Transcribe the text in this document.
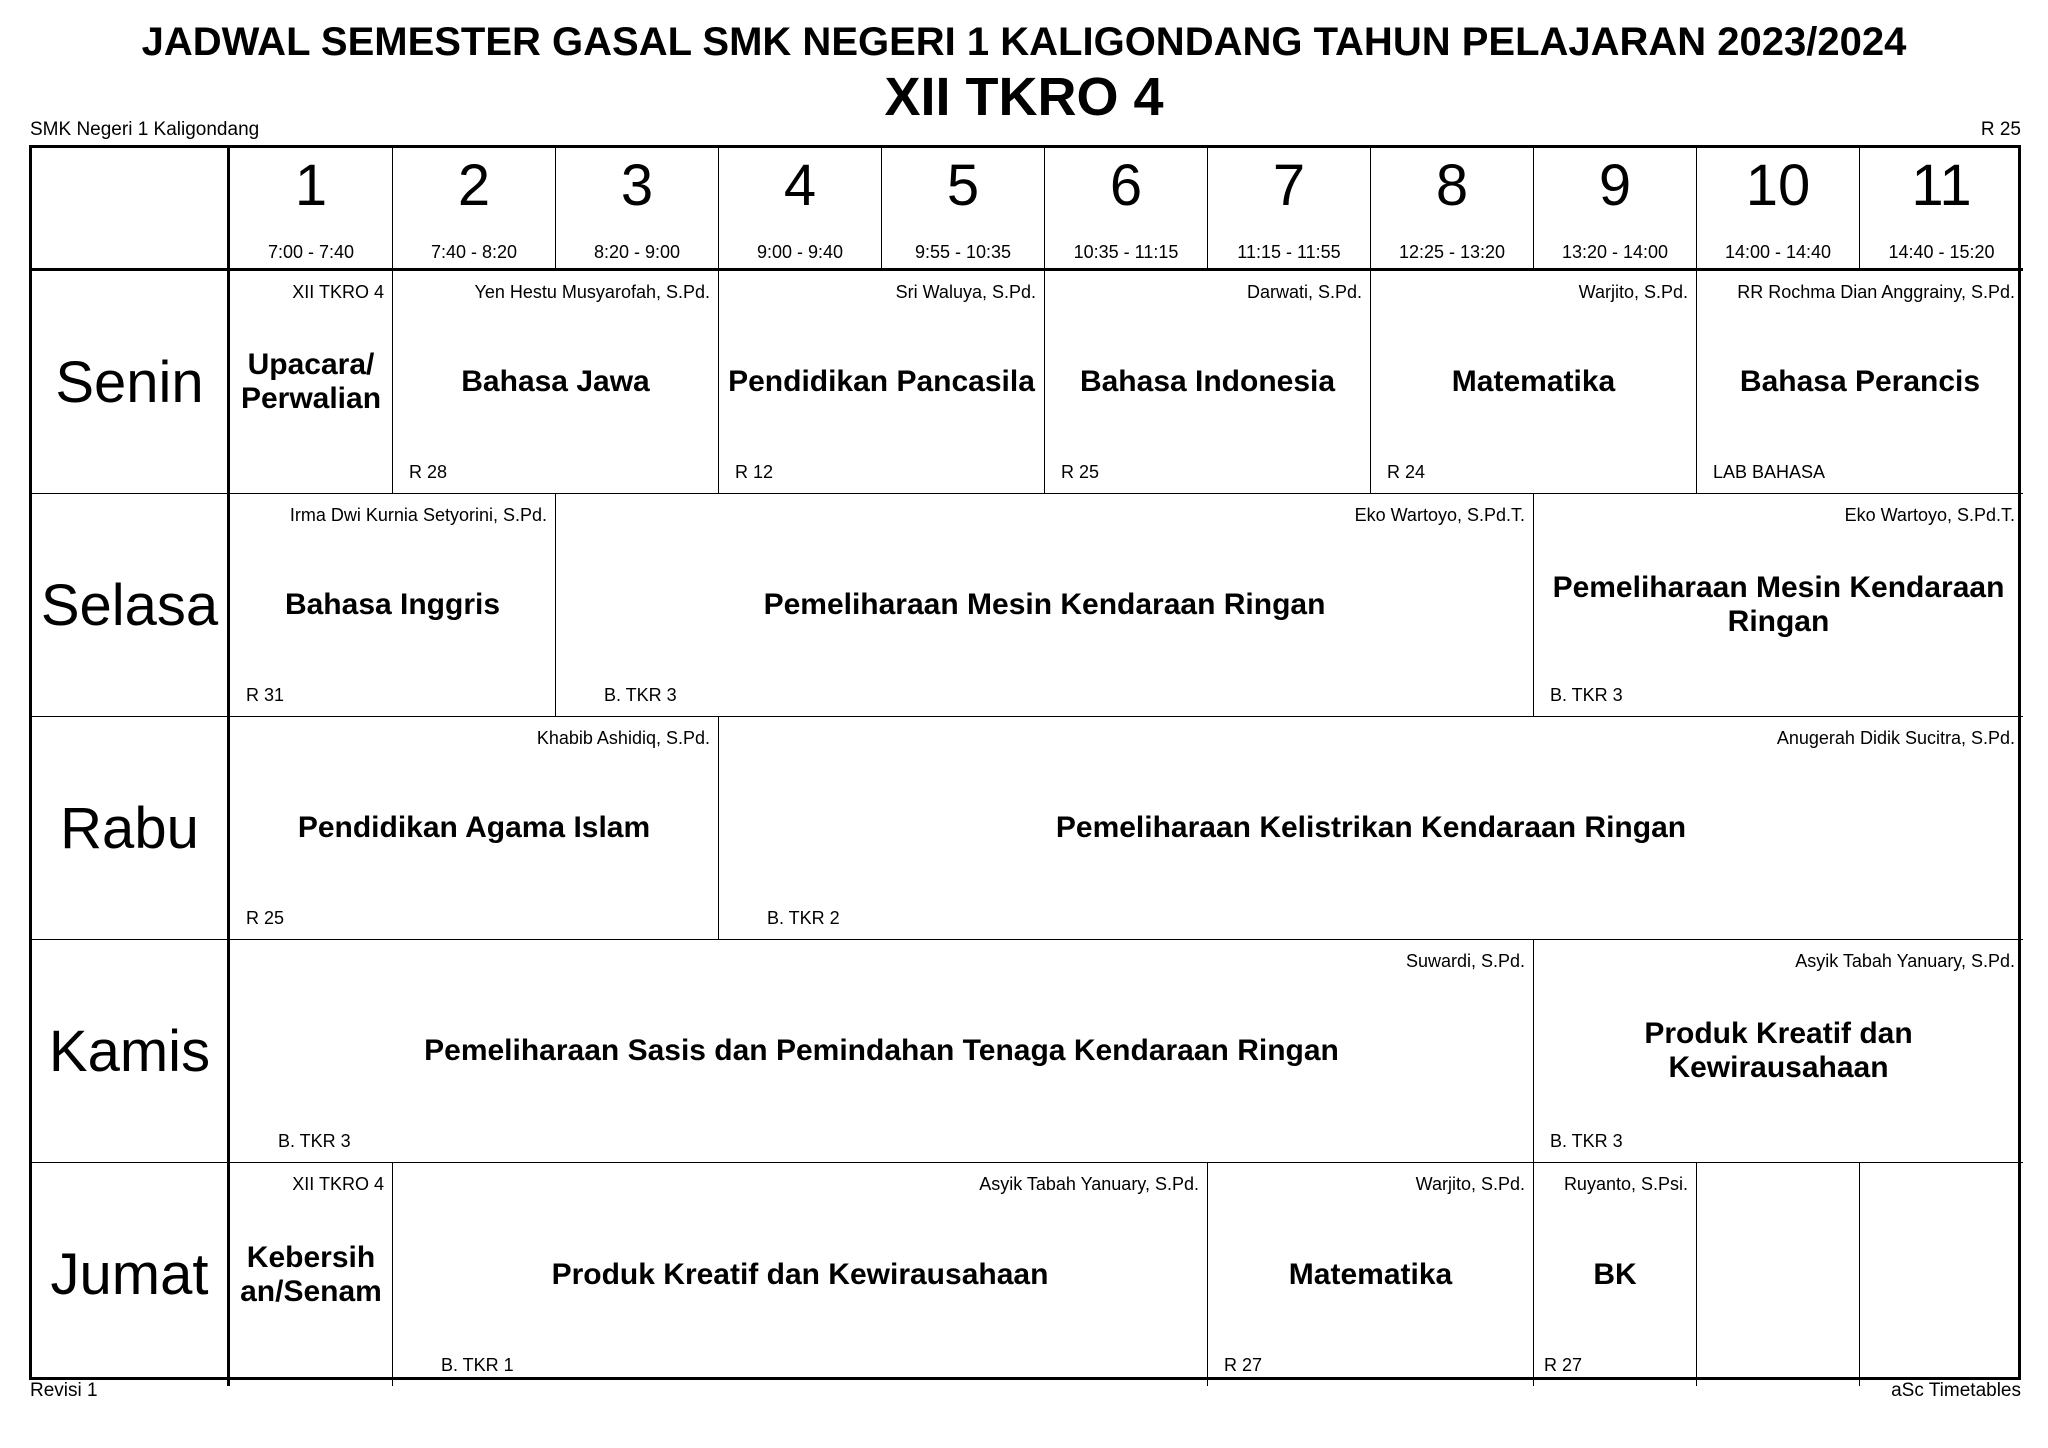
JADWAL SEMESTER GASAL SMK NEGERI 1 KALIGONDANG TAHUN PELAJARAN 2023/2024
XII TKRO 4
SMK Negeri 1 Kaligondang	R 25
1
7:00 - 7:40
2
7:40 - 8:20
3
8:20 - 9:00
4
9:00 - 9:40
5
9:55 - 10:35
6
10:35 - 11:15
7
11:15 - 11:55
8
12:25 - 13:20
9
13:20 - 14:00
10
14:00 - 14:40
11
14:40 - 15:20
Senin
XII TKRO 4
Upacara/ Perwalian
Yen Hestu Musyarofah, S.Pd.
Bahasa Jawa
R 28
Sri Waluya, S.Pd.
Pendidikan Pancasila
R 12
Darwati, S.Pd.
Bahasa Indonesia
R 25
Warjito, S.Pd.
Matematika
R 24
RR Rochma Dian Anggrainy, S.Pd.
Bahasa Perancis
LAB BAHASA
Selasa
Irma Dwi Kurnia Setyorini, S.Pd.
Bahasa Inggris
R 31
Eko Wartoyo, S.Pd.T.
Pemeliharaan Mesin Kendaraan Ringan
B. TKR 3
Eko Wartoyo, S.Pd.T.
Pemeliharaan Mesin Kendaraan Ringan
B. TKR 3
Rabu
Khabib Ashidiq, S.Pd.
Pendidikan Agama Islam
R 25
Anugerah Didik Sucitra, S.Pd.
Pemeliharaan Kelistrikan Kendaraan Ringan
B. TKR 2
Kamis
Suwardi, S.Pd.
Pemeliharaan Sasis dan Pemindahan Tenaga Kendaraan Ringan
B. TKR 3
Asyik Tabah Yanuary, S.Pd.
Produk Kreatif dan Kewirausahaan
B. TKR 3
Jumat
XII TKRO 4
Kebersih an/Senam
Asyik Tabah Yanuary, S.Pd.
Produk Kreatif dan Kewirausahaan
B. TKR 1
Warjito, S.Pd.
Matematika
R 27
Ruyanto, S.Psi.
BK
R 27
Revisi 1	aSc Timetables
